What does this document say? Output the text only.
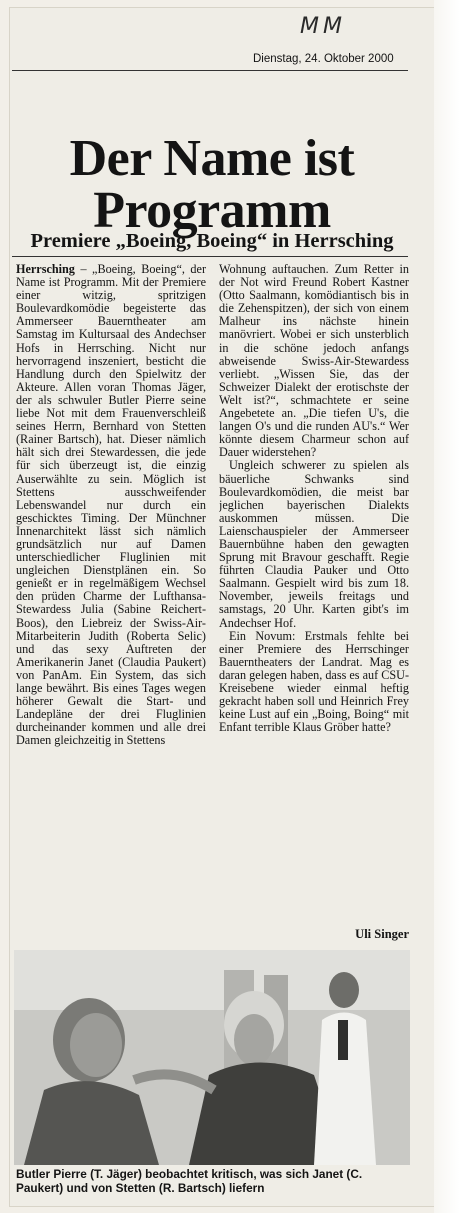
MM
Dienstag, 24. Oktober 2000
Der Name ist Programm
Premiere „Boeing, Boeing“ in Herrsching

Herrsching – „Boeing, Boeing“, der Name ist Programm. Mit der Premiere einer witzig, spritzigen Boulevardkomödie begeisterte das Ammerseer Bauerntheater am Samstag im Kultursaal des Andechser Hofs in Herrsching. Nicht nur hervorragend inszeniert, besticht die Handlung durch den Spielwitz der Akteure. Allen voran Thomas Jäger, der als schwuler Butler Pierre seine liebe Not mit dem Frauenverschleiß seines Herrn, Bernhard von Stetten (Rainer Bartsch), hat. Dieser nämlich hält sich drei Stewardessen, die jede für sich überzeugt ist, die einzig Auserwählte zu sein. Möglich ist Stettens ausschweifender Lebenswandel nur durch ein geschicktes Timing. Der Münchner Innenarchitekt lässt sich nämlich grundsätzlich nur auf Damen unterschiedlicher Fluglinien mit ungleichen Dienstplänen ein. So genießt er in regelmäßigem Wechsel den prüden Charme der Lufthansa-Stewardess Julia (Sabine Reichert-Boos), den Liebreiz der Swiss-Air-Mitarbeiterin Judith (Roberta Selic) und das sexy Auftreten der Amerikanerin Janet (Claudia Paukert) von PanAm. Ein System, das sich lange bewährt. Bis eines Tages wegen höherer Gewalt die Start- und Landepläne der drei Fluglinien durcheinander kommen und alle drei Damen gleichzeitig in Stettens

Wohnung auftauchen. Zum Retter in der Not wird Freund Robert Kastner (Otto Saalmann, komödiantisch bis in die Zehenspitzen), der sich von einem Malheur ins nächste hinein manövriert. Wobei er sich unsterblich in die schöne jedoch anfangs abweisende Swiss-Air-Stewardess verliebt. „Wissen Sie, das der Schweizer Dialekt der erotischste der Welt ist?“, schmachtete er seine Angebetete an. „Die tiefen U's, die langen O's und die runden AU's.“ Wer könnte diesem Charmeur schon auf Dauer widerstehen?

Ungleich schwerer zu spielen als bäuerliche Schwanks sind Boulevardkomödien, die meist bar jeglichen bayerischen Dialekts auskommen müssen. Die Laienschauspieler der Ammerseer Bauernbühne haben den gewagten Sprung mit Bravour geschafft. Regie führten Claudia Pauker und Otto Saalmann. Gespielt wird bis zum 18. November, jeweils freitags und samstags, 20 Uhr. Karten gibt's im Andechser Hof.

Ein Novum: Erstmals fehlte bei einer Premiere des Herrschinger Bauerntheaters der Landrat. Mag es daran gelegen haben, dass es auf CSU-Kreisebene wieder einmal heftig gekracht haben soll und Heinrich Frey keine Lust auf ein „Boing, Boing“ mit Enfant terrible Klaus Gröber hatte?

Uli Singer
Butler Pierre (T. Jäger) beobachtet kritisch, was sich Janet (C. Paukert) und von Stetten (R. Bartsch) liefern
